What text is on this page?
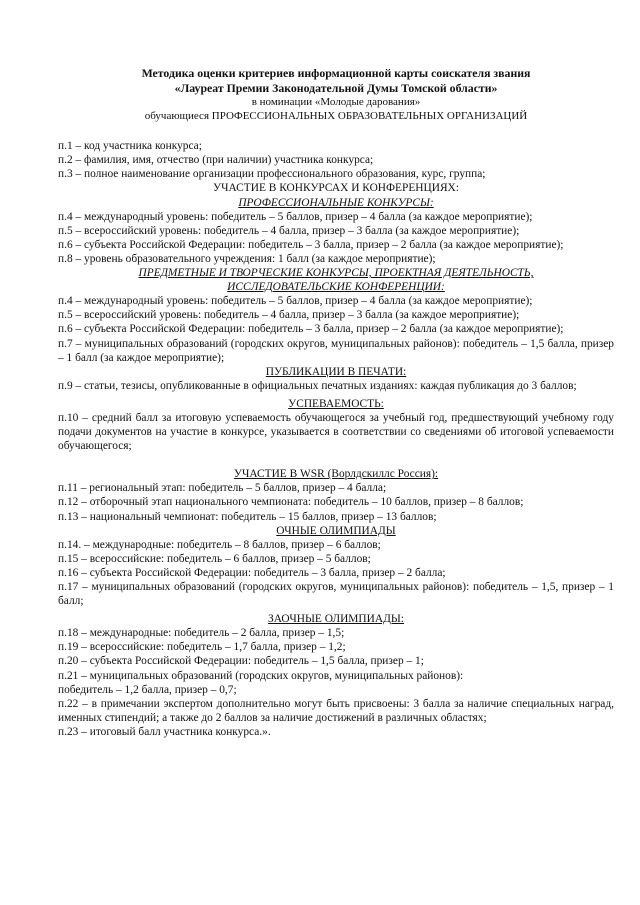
Методика оценки критериев информационной карты соискателя звания
«Лауреат Премии Законодательной Думы Томской области»
в номинации «Молодые дарования»
обучающиеся ПРОФЕССИОНАЛЬНЫХ ОБРАЗОВАТЕЛЬНЫХ ОРГАНИЗАЦИЙ

п.1 – код участника конкурса;

п.2 – фамилия, имя, отчество (при наличии) участника конкурса;

п.3 – полное наименование организации профессионального образования, курс, группа;

УЧАСТИЕ В КОНКУРСАХ И КОНФЕРЕНЦИЯХ:

ПРОФЕССИОНАЛЬНЫЕ КОНКУРСЫ:

п.4 – международный уровень: победитель – 5 баллов, призер – 4 балла (за каждое мероприятие);

п.5 – всероссийский уровень: победитель – 4 балла, призер – 3 балла (за каждое мероприятие);

п.6 – субъекта Российской Федерации: победитель – 3 балла, призер – 2 балла (за каждое мероприятие);

п.8 – уровень образовательного учреждения: 1 балл (за каждое мероприятие);

ПРЕДМЕТНЫЕ И ТВОРЧЕСКИЕ КОНКУРСЫ, ПРОЕКТНАЯ ДЕЯТЕЛЬНОСТЬ,

ИССЛЕДОВАТЕЛЬСКИЕ КОНФЕРЕНЦИИ:

п.4 – международный уровень: победитель – 5 баллов, призер – 4 балла (за каждое мероприятие);

п.5 – всероссийский уровень: победитель – 4 балла, призер – 3 балла (за каждое мероприятие);

п.6 – субъекта Российской Федерации: победитель – 3 балла, призер – 2 балла (за каждое мероприятие);

п.7 – муниципальных образований (городских округов, муниципальных районов): победитель – 1,5 балла, призер – 1 балл (за каждое мероприятие);

ПУБЛИКАЦИИ В ПЕЧАТИ:

п.9 – статьи, тезисы, опубликованные в официальных печатных изданиях: каждая публикация до 3 баллов;

УСПЕВАЕМОСТЬ:

п.10 – средний балл за итоговую успеваемость обучающегося за учебный год, предшествующий учебному году подачи документов на участие в конкурсе, указывается в соответствии со сведениями об итоговой успеваемости обучающегося;

УЧАСТИЕ В WSR (Ворлдскиллс Россия):

п.11 – региональный этап: победитель – 5 баллов, призер – 4 балла;

п.12 – отборочный этап национального чемпионата: победитель – 10 баллов, призер – 8 баллов;

п.13 – национальный чемпионат: победитель – 15 баллов, призер – 13 баллов;

ОЧНЫЕ ОЛИМПИАДЫ

п.14. – международные: победитель – 8 баллов, призер – 6 баллов;

п.15 – всероссийские: победитель – 6 баллов, призер – 5 баллов;

п.16 – субъекта Российской Федерации: победитель – 3 балла, призер – 2 балла;

п.17 – муниципальных образований (городских округов, муниципальных районов): победитель – 1,5, призер – 1 балл;

ЗАОЧНЫЕ ОЛИМПИАДЫ:

п.18 – международные: победитель – 2 балла, призер – 1,5;

п.19 – всероссийские: победитель – 1,7 балла, призер – 1,2;

п.20 – субъекта Российской Федерации: победитель – 1,5 балла, призер – 1;

п.21 – муниципальных образований (городских округов, муниципальных районов):

победитель – 1,2 балла, призер – 0,7;

п.22 – в примечании экспертом дополнительно могут быть присвоены: 3 балла за наличие специальных наград, именных стипендий; а также до 2 баллов за наличие достижений в различных областях;

п.23 – итоговый балл участника конкурса.».
